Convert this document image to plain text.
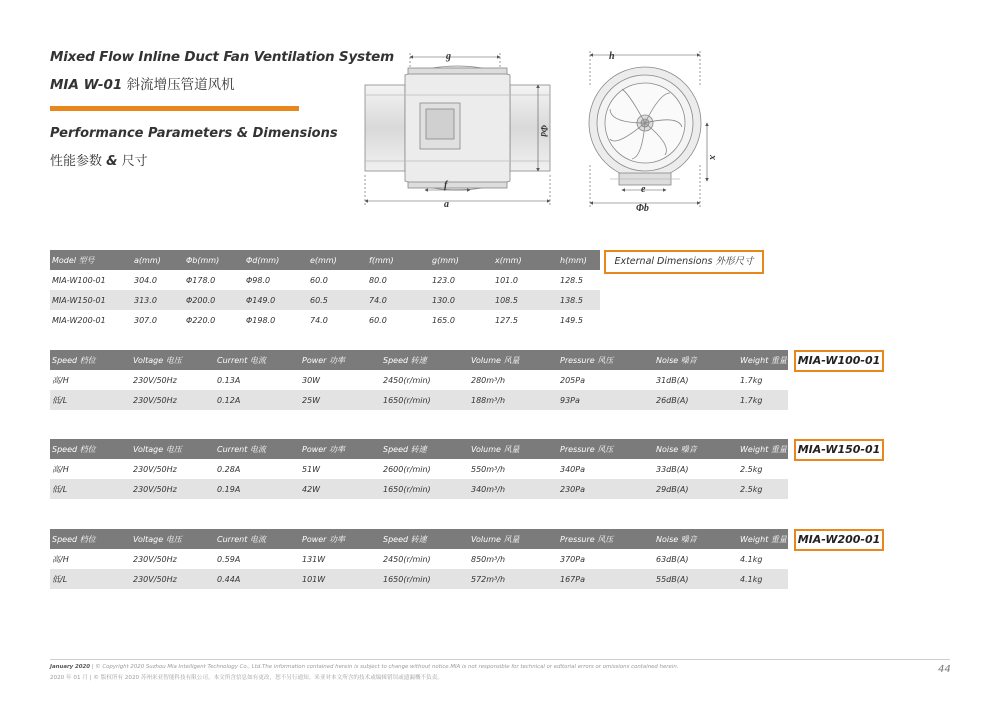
Mixed Flow Inline Duct Fan Ventilation System
MIA W-01 斜流增压管道风机
Performance Parameters & Dimensions
性能参数 & 尺寸
g
Φd
f
a
h
x
e
Φb
Model 型号	a(mm)	Φb(mm)	Φd(mm)	e(mm)	f(mm)	g(mm)	x(mm)	h(mm)
MIA-W100-01	304.0	Φ178.0	Φ98.0	60.0	80.0	123.0	101.0	128.5
MIA-W150-01	313.0	Φ200.0	Φ149.0	60.5	74.0	130.0	108.5	138.5
MIA-W200-01	307.0	Φ220.0	Φ198.0	74.0	60.0	165.0	127.5	149.5
External Dimensions 外形尺寸
Speed 档位	Voltage 电压	Current 电流	Power 功率	Speed 转速	Volume 风量	Pressure 风压	Noise 噪音	Weight 重量
高/H	230V/50Hz	0.13A	30W	2450(r/min)	280m³/h	205Pa	31dB(A)	1.7kg
低/L	230V/50Hz	0.12A	25W	1650(r/min)	188m³/h	93Pa	26dB(A)	1.7kg
MIA-W100-01
Speed 档位	Voltage 电压	Current 电流	Power 功率	Speed 转速	Volume 风量	Pressure 风压	Noise 噪音	Weight 重量
高/H	230V/50Hz	0.28A	51W	2600(r/min)	550m³/h	340Pa	33dB(A)	2.5kg
低/L	230V/50Hz	0.19A	42W	1650(r/min)	340m³/h	230Pa	29dB(A)	2.5kg
MIA-W150-01
Speed 档位	Voltage 电压	Current 电流	Power 功率	Speed 转速	Volume 风量	Pressure 风压	Noise 噪音	Weight 重量
高/H	230V/50Hz	0.59A	131W	2450(r/min)	850m³/h	370Pa	63dB(A)	4.1kg
低/L	230V/50Hz	0.44A	101W	1650(r/min)	572m³/h	167Pa	55dB(A)	4.1kg
MIA-W200-01
January 2020 | © Copyright 2020 Suzhou Mia Intelligent Technology Co., Ltd.The information contained herein is subject to change without notice.MIA is not responsible for technical or editorial errors or omissions contained herein.
2020 年 01 月 | © 版权所有 2020 苏州米亚智能科技有限公司。本文所含信息如有更改，恕不另行通知。米亚对本文所含的技术或编辑错误或遗漏概不负责。
44
